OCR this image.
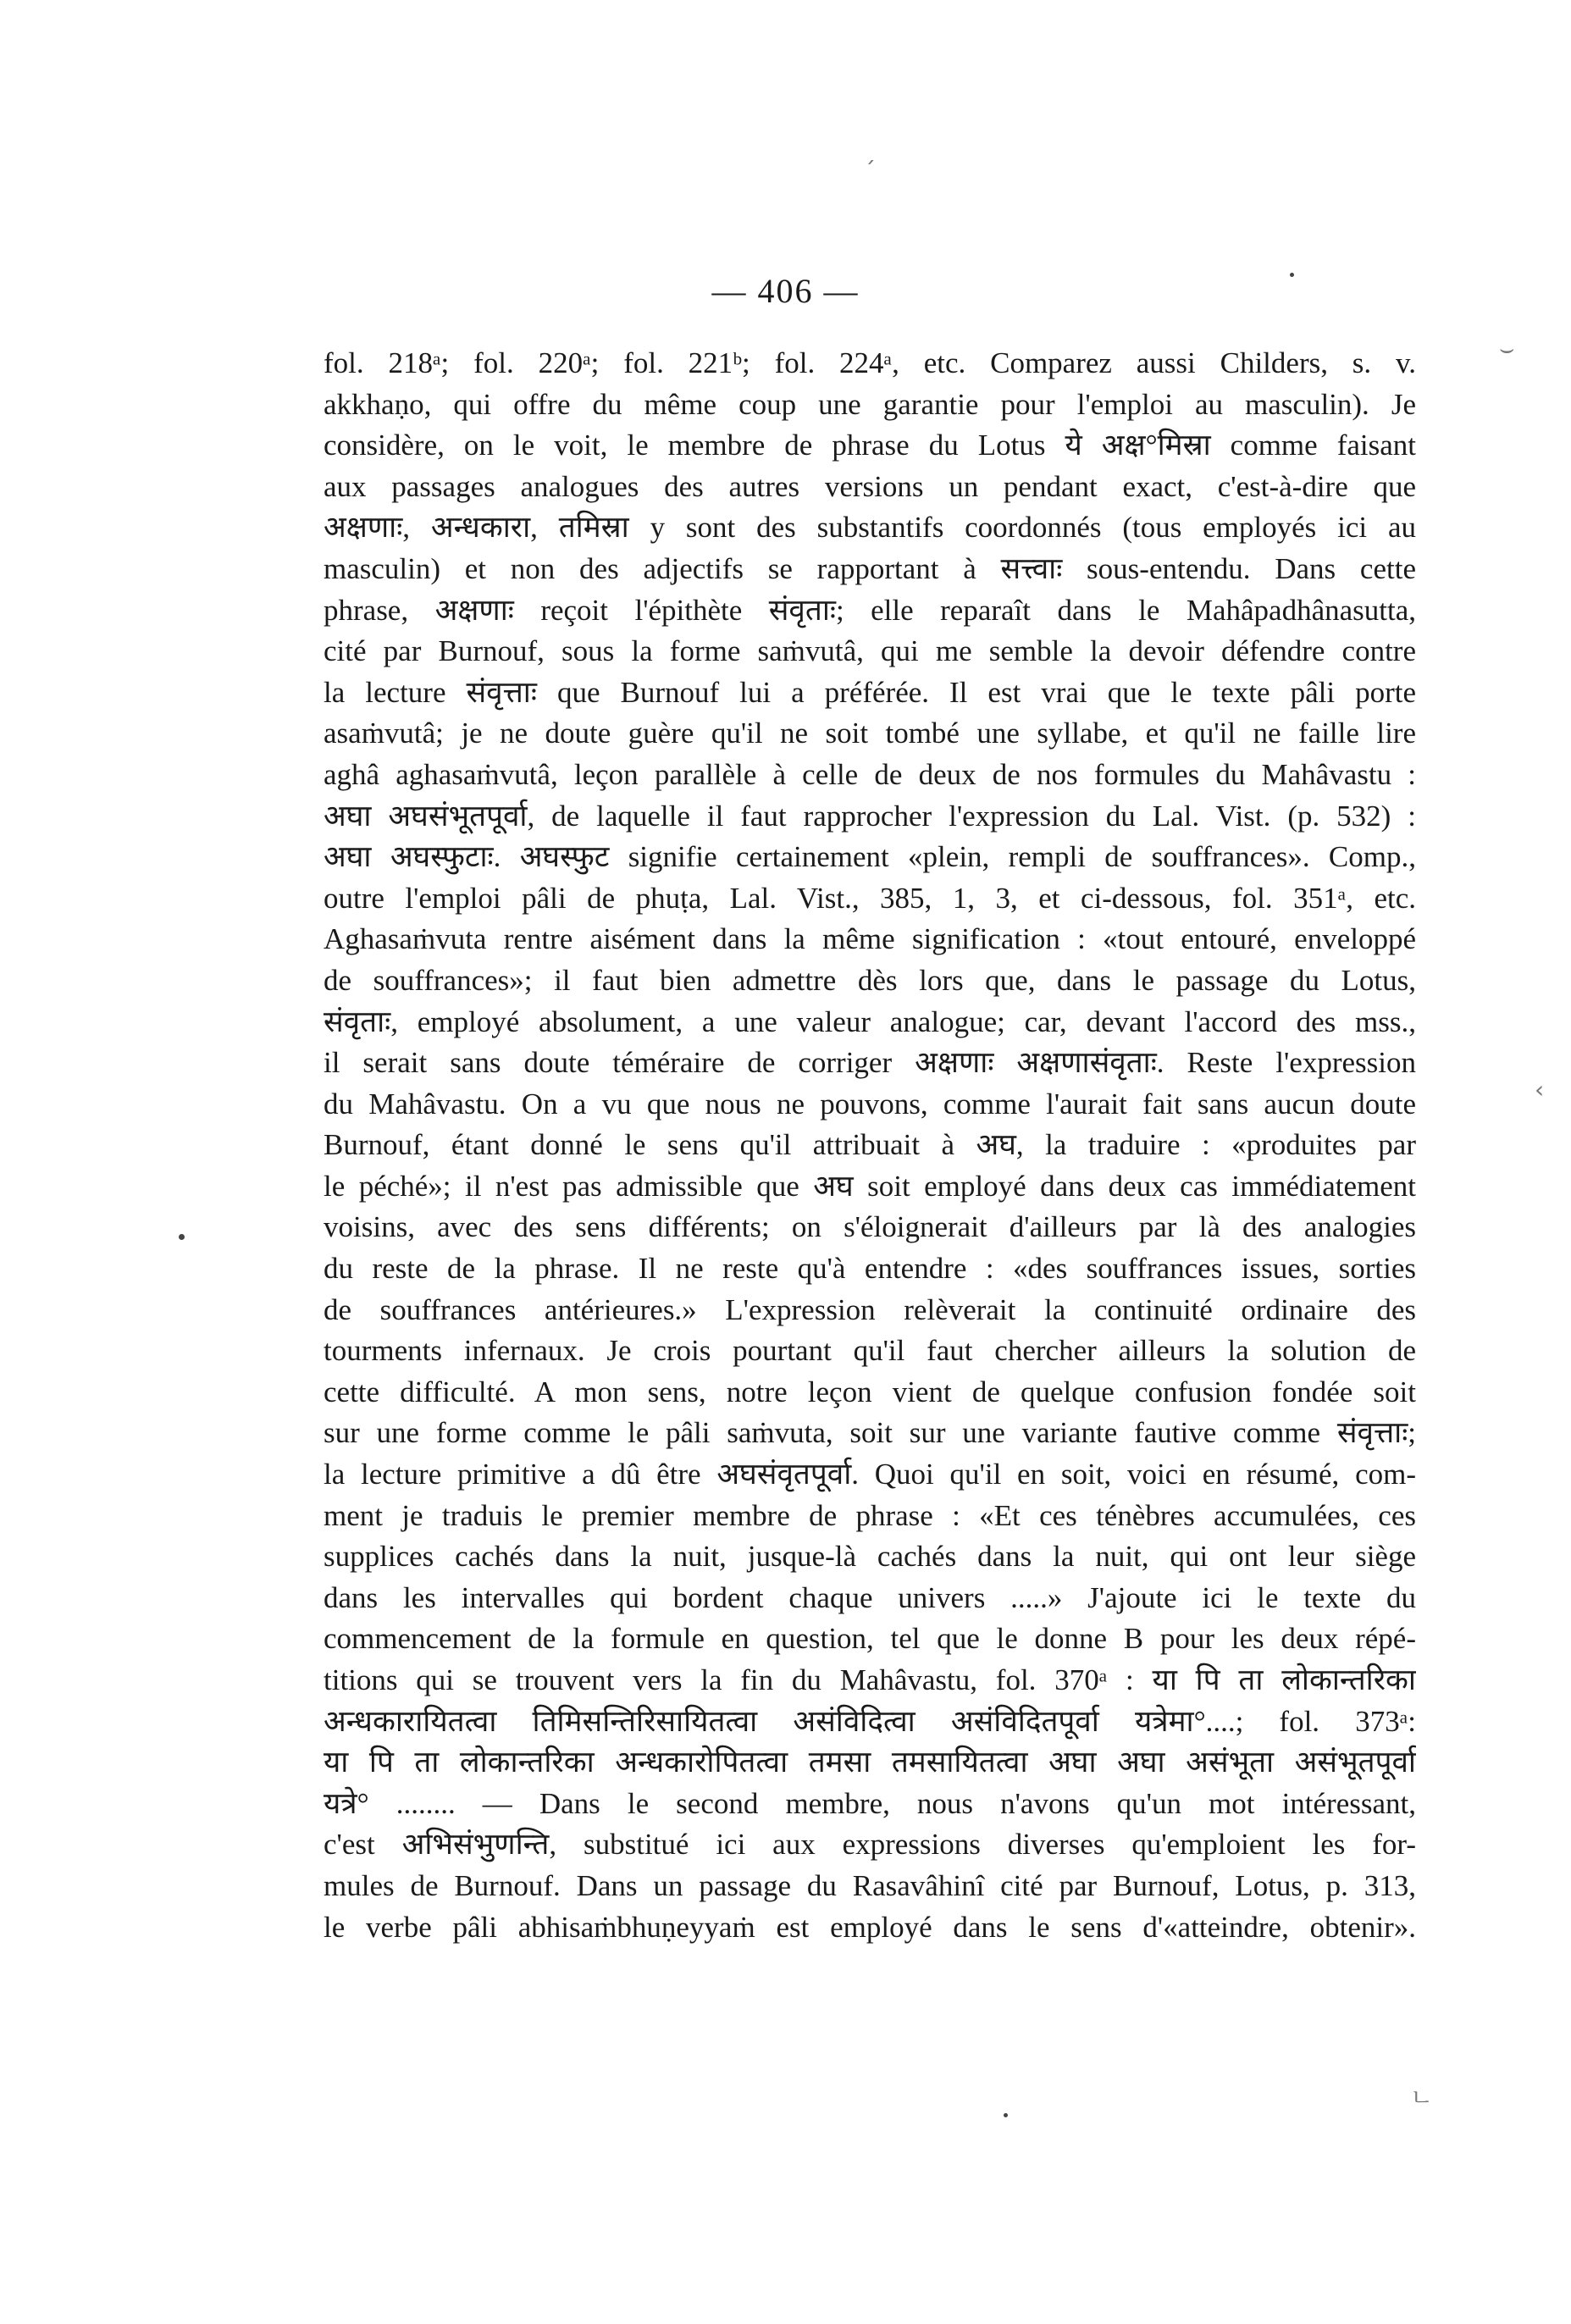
— 406 —
fol. 218ᵃ; fol. 220ᵃ; fol. 221ᵇ; fol. 224ᵃ, etc. Comparez aussi Childers, s. v.
akkhaṇo, qui offre du même coup une garantie pour l'emploi au masculin). Je
considère, on le voit, le membre de phrase du Lotus ये अक्ष°मिस्रा comme faisant
aux passages analogues des autres versions un pendant exact, c'est-à-dire que
अक्षणाः, अन्धकारा, तमिस्रा y sont des substantifs coordonnés (tous employés ici au
masculin) et non des adjectifs se rapportant à सत्त्वाः sous-entendu. Dans cette
phrase, अक्षणाः reçoit l'épithète संवृताः; elle reparaît dans le Mahâpadhânasutta,
cité par Burnouf, sous la forme saṁvutâ, qui me semble la devoir défendre contre
la lecture संवृत्ताः que Burnouf lui a préférée. Il est vrai que le texte pâli porte
asaṁvutâ; je ne doute guère qu'il ne soit tombé une syllabe, et qu'il ne faille lire
aghâ aghasaṁvutâ, leçon parallèle à celle de deux de nos formules du Mahâvastu :
अघा अघसंभूतपूर्वा, de laquelle il faut rapprocher l'expression du Lal. Vist. (p. 532) :
अघा अघस्फुटाः. अघस्फुट signifie certainement «plein, rempli de souffrances». Comp.,
outre l'emploi pâli de phuṭa, Lal. Vist., 385, 1, 3, et ci-dessous, fol. 351ᵃ, etc.
Aghasaṁvuta rentre aisément dans la même signification : «tout entouré, enveloppé
de souffrances»; il faut bien admettre dès lors que, dans le passage du Lotus,
संवृताः, employé absolument, a une valeur analogue; car, devant l'accord des mss.,
il serait sans doute téméraire de corriger अक्षणाः अक्षणासंवृताः. Reste l'expression
du Mahâvastu. On a vu que nous ne pouvons, comme l'aurait fait sans aucun doute
Burnouf, étant donné le sens qu'il attribuait à अघ, la traduire : «produites par
le péché»; il n'est pas admissible que अघ soit employé dans deux cas immédiatement
voisins, avec des sens différents; on s'éloignerait d'ailleurs par là des analogies
du reste de la phrase. Il ne reste qu'à entendre : «des souffrances issues, sorties
de souffrances antérieures.» L'expression relèverait la continuité ordinaire des
tourments infernaux. Je crois pourtant qu'il faut chercher ailleurs la solution de
cette difficulté. A mon sens, notre leçon vient de quelque confusion fondée soit
sur une forme comme le pâli saṁvuta, soit sur une variante fautive comme संवृत्ताः;
la lecture primitive a dû être अघसंवृतपूर्वा. Quoi qu'il en soit, voici en résumé, com-
ment je traduis le premier membre de phrase : «Et ces ténèbres accumulées, ces
supplices cachés dans la nuit, jusque-là cachés dans la nuit, qui ont leur siège
dans les intervalles qui bordent chaque univers .....» J'ajoute ici le texte du
commencement de la formule en question, tel que le donne B pour les deux répé-
titions qui se trouvent vers la fin du Mahâvastu, fol. 370ᵃ : या पि ता लोकान्तरिका
अन्धकारायितत्वा तिमिसन्तिरिसायितत्वा असंविदित्वा असंविदितपूर्वा यत्रेमा°....; fol. 373ᵃ:
या पि ता लोकान्तरिका अन्धकारोपितत्वा तमसा तमसायितत्वा अघा अघा असंभूता असंभूतपूर्वा
यत्रे° ........ — Dans le second membre, nous n'avons qu'un mot intéressant,
c'est अभिसंभुणन्ति, substitué ici aux expressions diverses qu'emploient les for-
mules de Burnouf. Dans un passage du Rasavâhinî cité par Burnouf, Lotus, p. 313,
le verbe pâli abhisaṁbhuṇeyyaṁ est employé dans le sens d'«atteindre, obtenir».
ˊ
⌣
‹
ㄴ
